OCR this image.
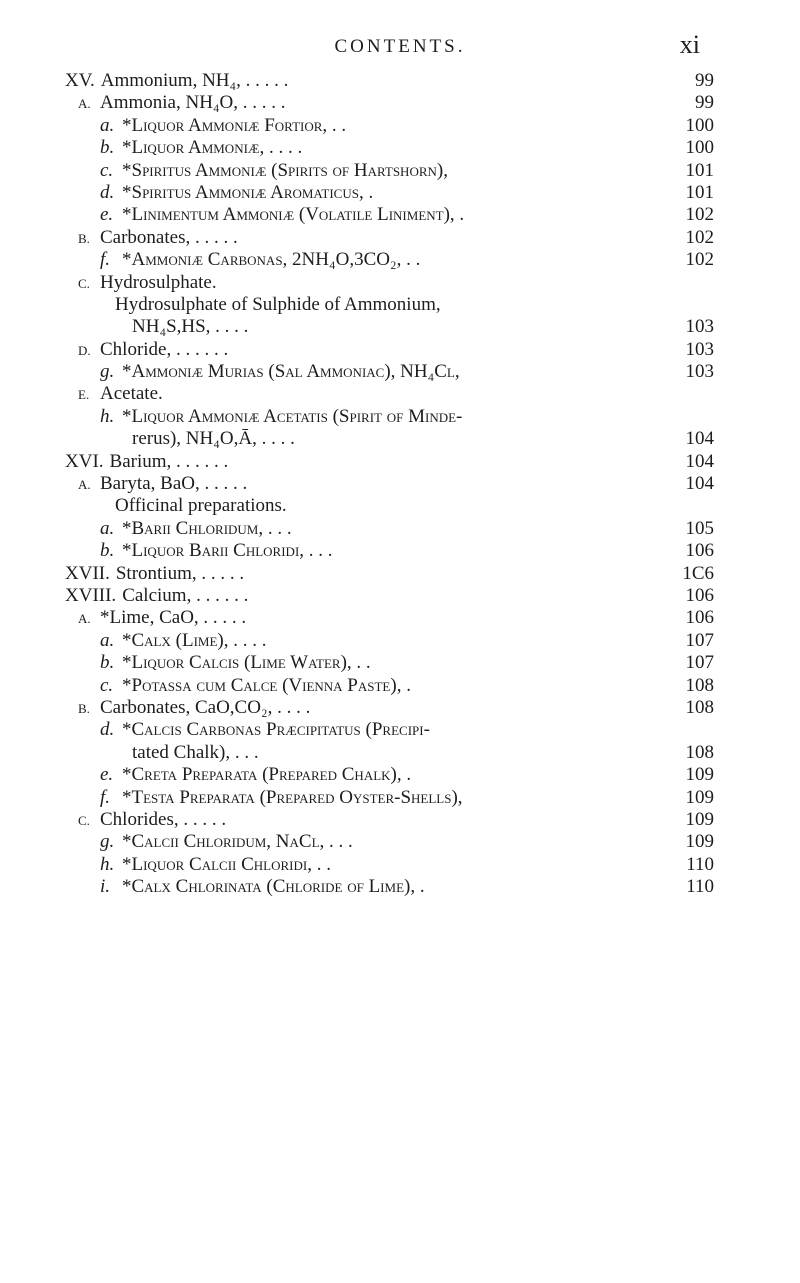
CONTENTS.	xi
XV. Ammonium, NH₄, . . . . .	99
A. Ammonia, NH₄O, . . . . .	99
a. *Liquor Ammoniæ Fortior, . .	100
b. *Liquor Ammoniæ, . . . .	100
c. *Spiritus Ammoniæ (Spirits of Hartshorn),	101
d. *Spiritus Ammoniæ Aromaticus, .	101
e. *Linimentum Ammoniæ (Volatile Liniment), .	102
B. Carbonates, . . . . .	102
f. *Ammoniæ Carbonas, 2NH₄O,3CO₂, . .	102
C. Hydrosulphate.
Hydrosulphate of Sulphide of Ammonium,
NH₄S,HS, . . . .	103
D. Chloride, . . . . . .	103
g. *Ammoniæ Murias (Sal Ammoniac), NH₄Cl,	103
E. Acetate.
h. *Liquor Ammoniæ Acetatis (Spirit of Minde-
rerus), NH₄O,Ā, . . . .	104
XVI. Barium, . . . . . .	104
A. Baryta, BaO, . . . . .	104
Officinal preparations.
a. *Barii Chloridum, . . .	105
b. *Liquor Barii Chloridi, . . .	106
XVII. Strontium, . . . . .	1C6
XVIII. Calcium, . . . . . .	106
A. *Lime, CaO, . . . . .	106
a. *Calx (Lime), . . . .	107
b. *Liquor Calcis (Lime Water), . .	107
c. *Potassa cum Calce (Vienna Paste), .	108
B. Carbonates, CaO,CO₂, . . . .	108
d. *Calcis Carbonas Præcipitatus (Precipi-
tated Chalk), . . .	108
e. *Creta Preparata (Prepared Chalk), .	109
f. *Testa Preparata (Prepared Oyster-Shells),	109
C. Chlorides, . . . . .	109
g. *Calcii Chloridum, NaCl, . . .	109
h. *Liquor Calcii Chloridi, . .	110
i. *Calx Chlorinata (Chloride of Lime), .	110
